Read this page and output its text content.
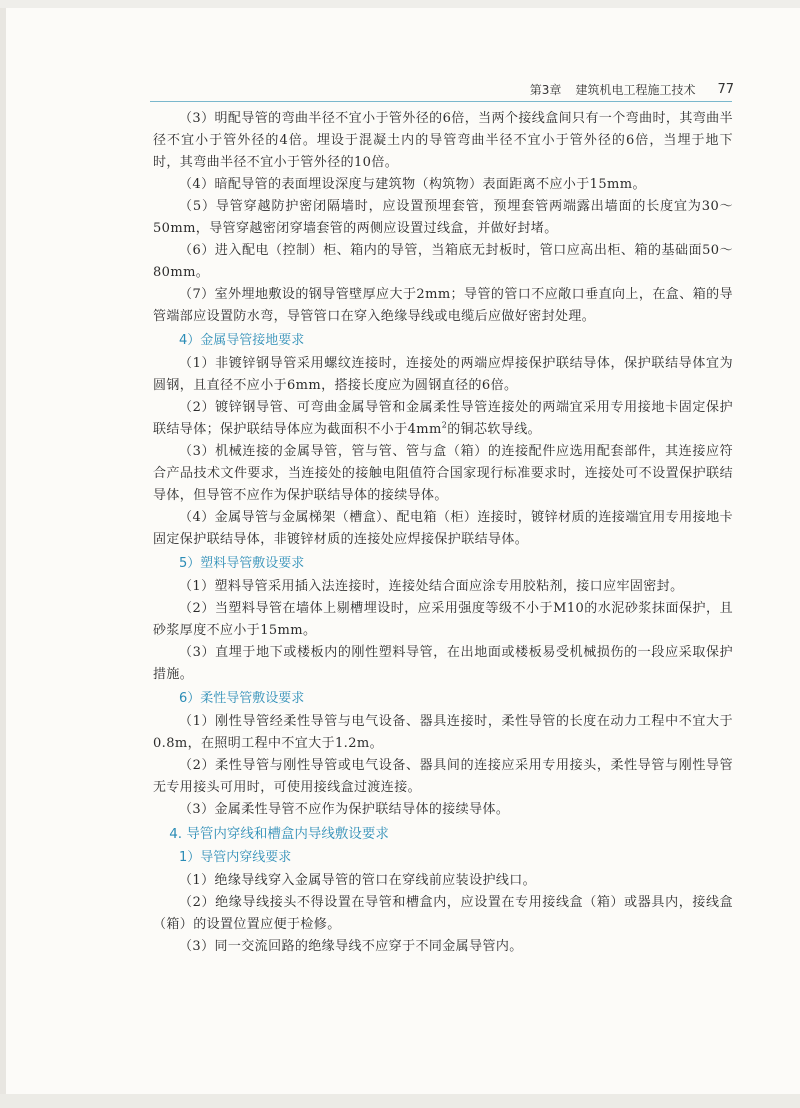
第3章 建筑机电工程施工技术 77

（3）明配导管的弯曲半径不宜小于管外径的6倍，当两个接线盒间只有一个弯曲时，其弯曲半径不宜小于管外径的4倍。埋设于混凝土内的导管弯曲半径不宜小于管外径的6倍，当埋于地下时，其弯曲半径不宜小于管外径的10倍。

（4）暗配导管的表面埋设深度与建筑物（构筑物）表面距离不应小于15mm。

（5）导管穿越防护密闭隔墙时，应设置预埋套管，预埋套管两端露出墙面的长度宜为30～50mm，导管穿越密闭穿墙套管的两侧应设置过线盒，并做好封堵。

（6）进入配电（控制）柜、箱内的导管，当箱底无封板时，管口应高出柜、箱的基础面50～80mm。

（7）室外埋地敷设的钢导管壁厚应大于2mm；导管的管口不应敞口垂直向上，在盒、箱的导管端部应设置防水弯，导管管口在穿入绝缘导线或电缆后应做好密封处理。

4）金属导管接地要求

（1）非镀锌钢导管采用螺纹连接时，连接处的两端应焊接保护联结导体，保护联结导体宜为圆钢，且直径不应小于6mm，搭接长度应为圆钢直径的6倍。

（2）镀锌钢导管、可弯曲金属导管和金属柔性导管连接处的两端宜采用专用接地卡固定保护联结导体；保护联结导体应为截面积不小于$4mm^2$的铜芯软导线。

（3）机械连接的金属导管，管与管、管与盒（箱）的连接配件应选用配套部件，其连接应符合产品技术文件要求，当连接处的接触电阻值符合国家现行标准要求时，连接处可不设置保护联结导体，但导管不应作为保护联结导体的接续导体。

（4）金属导管与金属梯架（槽盒）、配电箱（柜）连接时，镀锌材质的连接端宜用专用接地卡固定保护联结导体，非镀锌材质的连接处应焊接保护联结导体。

5）塑料导管敷设要求

（1）塑料导管采用插入法连接时，连接处结合面应涂专用胶粘剂，接口应牢固密封。

（2）当塑料导管在墙体上剔槽埋设时，应采用强度等级不小于M10的水泥砂浆抹面保护，且砂浆厚度不应小于15mm。

（3）直埋于地下或楼板内的刚性塑料导管，在出地面或楼板易受机械损伤的一段应采取保护措施。

6）柔性导管敷设要求

（1）刚性导管经柔性导管与电气设备、器具连接时，柔性导管的长度在动力工程中不宜大于0.8m，在照明工程中不宜大于1.2m。

（2）柔性导管与刚性导管或电气设备、器具间的连接应采用专用接头，柔性导管与刚性导管无专用接头可用时，可使用接线盒过渡连接。

（3）金属柔性导管不应作为保护联结导体的接续导体。

4. 导管内穿线和槽盒内导线敷设要求

1）导管内穿线要求

（1）绝缘导线穿入金属导管的管口在穿线前应装设护线口。

（2）绝缘导线接头不得设置在导管和槽盒内，应设置在专用接线盒（箱）或器具内，接线盒（箱）的设置位置应便于检修。

（3）同一交流回路的绝缘导线不应穿于不同金属导管内。
